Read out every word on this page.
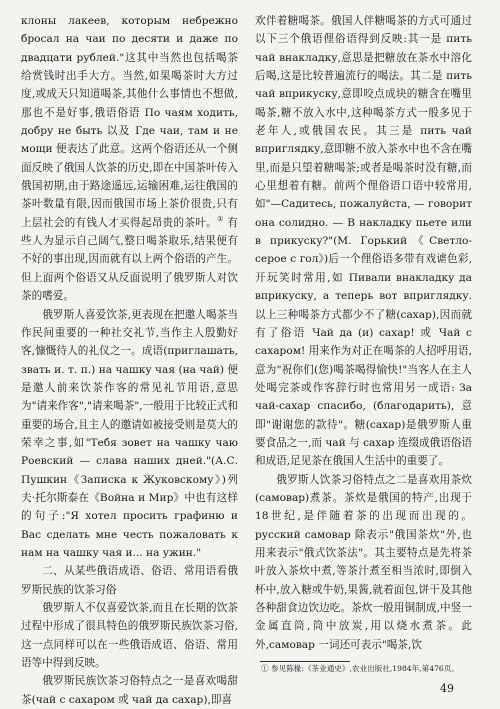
клоны лакеев, которым небрежно бросал на чаи по десяти и даже по двадцати рублей."这其中当然也包括喝茶给赏钱时出手大方。当然,如果喝茶时大方过度,或成天只知道喝茶,其他什么事情也不想做,那也不是好事,俄语俗语 По чаям ходить, добру не быть 以及 Где чаи, там и не мощи 便表达了此意。这两个俗语还从一个侧面反映了俄国人饮茶的历史,即在中国茶叶传入俄国初期,由于路途遥远,运输困难,运往俄国的茶叶数量有限,因而俄国市场上茶价很贵,只有上层社会的有钱人才买得起昂贵的茶叶。① 有些人为显示自己阔气,整日喝茶取乐,结果便有不好的事出现,因而就有以上两个俗语的产生。但上面两个俗语又从反面说明了俄罗斯人对饮茶的嗜爱。

俄罗斯人喜爱饮茶,更表现在把邀人喝茶当作民间重要的一种社交礼节,当作主人殷勤好客,慷慨待人的礼仪之一。成语(приглашать, звать и. т. п.) на чашку чая (на чай) 便是邀人前来饮茶作客的常见礼节用语,意思为"请来作客","请来喝茶",一般用于比较正式和重要的场合,且主人的邀请如被接受则是莫大的荣幸之事,如"Тебя зовет на чашку чаю Роевский — слава наших дней."(А.С. Пушкин《Записка к Жуковскому》)列夫·托尔斯泰在《Война и Мир》中也有这样的句子:"Я хотел просить графиню и Вас сделать мне честь пожаловать к нам на чашку чая и... на ужин."

二、从某些俄语成语、俗语、常用语看俄罗斯民族的饮茶习俗

俄罗斯人不仅喜爱饮茶,而且在长期的饮茶过程中形成了很具特色的俄罗斯民族饮茶习俗,这一点同样可以在一些俄语成语、俗语、常用语等中得到反映。

俄罗斯民族饮茶习俗特点之一是喜欢喝甜茶(чай с сахаром 或 чай да сахар),即喜

欢伴着糖喝茶。俄国人伴糖喝茶的方式可通过以下三个俄语俚俗语得到反映:其一是 пить чай внакладку,意思是把糖放在茶水中溶化后喝,这是比较普遍流行的喝法。其二是 пить чай вприкуску,意即咬点成块的糖含在嘴里喝茶,糖不放入水中,这种喝茶方式一般多见于老年人,或俄国农民。其三是 пить чай вприглядку,意即糖不放入茶水中也不含在嘴里,而是只望着糖喝茶;或者是喝茶时没有糖,而心里想着有糖。前两个俚俗语口语中较常用,如"—Садитесь, пожалуйста, — говорит она солидно. — В накладку пьете или в прикуску?"(М. Горький《Светло-серое с гол》)后一个俚俗语多带有戏谑色彩,开玩笑时常用,如 Пивали внакладку да вприкуску, а теперь вот вприглядку. 以上三种喝茶方式都少不了糖(сахар),因而就有了俗语 Чай да (и) сахар! 或 Чай с сахаром! 用来作为对正在喝茶的人招呼用语,意为"祝你们(您)喝茶喝得愉快!"当客人在主人处喝完茶或作客辞行时也常用另一成语: За чай-сахар спасибо, (благодарить), 意即"谢谢您的款待"。糖(сахар)是俄罗斯人重要食品之一,而 чай 与 сахар 连缀成俄语俗语和成语,足见茶在俄国人生活中的重要了。

俄罗斯人饮茶习俗特点之二是喜欢用茶炊(самовар)煮茶。茶炊是俄国的特产,出现于18世纪,是伴随着茶的出现而出现的。русский самовар 除表示"俄国茶炊"外,也用来表示"俄式饮茶法"。其主要特点是先将茶叶放入茶炊中煮,等茶汁煮至相当浓时,即倒入杯中,放入糖或牛奶,果酱,就着面包,饼干及其他各种甜食边饮边吃。茶炊一般用铜制成,中竖一金属直筒,筒中放炭,用以烧水煮茶。此外,самовар 一词还可表示"喝茶,饮

① 参见陈椽:《茶业通史》,农业出版社,1984年,第476页。
49
